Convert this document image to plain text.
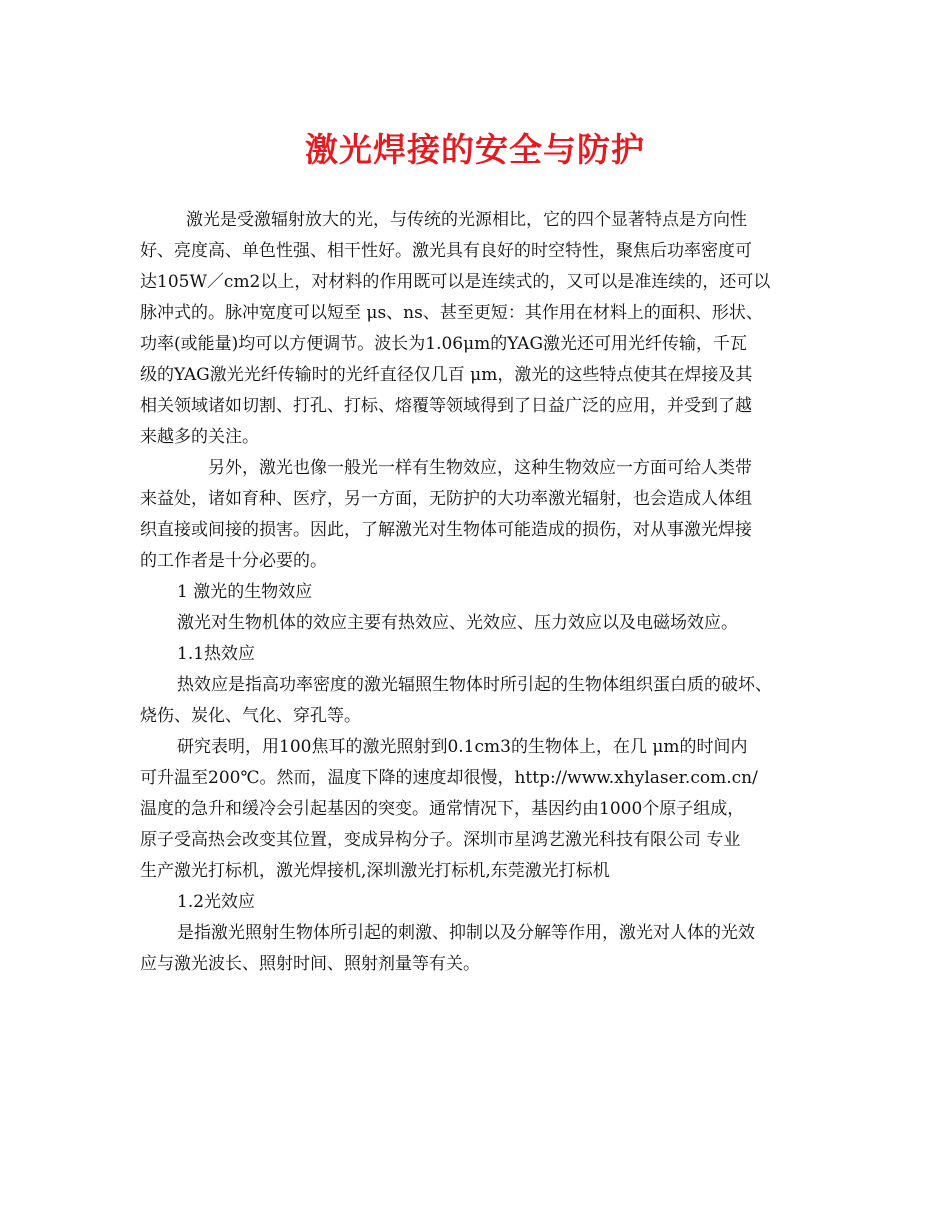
激光焊接的安全与防护

激光是受激辐射放大的光，与传统的光源相比，它的四个显著特点是方向性

好、亮度高、单色性强、相干性好。激光具有良好的时空特性，聚焦后功率密度可

达105W／cm2以上，对材料的作用既可以是连续式的，又可以是准连续的，还可以

脉冲式的。脉冲宽度可以短至 μs、ns、甚至更短：其作用在材料上的面积、形状、

功率(或能量)均可以方便调节。波长为1.06μm的YAG激光还可用光纤传输，千瓦

级的YAG激光光纤传输时的光纤直径仅几百 μm，激光的这些特点使其在焊接及其

相关领域诸如切割、打孔、打标、熔覆等领域得到了日益广泛的应用，并受到了越

来越多的关注。

另外，激光也像一般光一样有生物效应，这种生物效应一方面可给人类带

来益处，诸如育种、医疗，另一方面，无防护的大功率激光辐射，也会造成人体组

织直接或间接的损害。因此，了解激光对生物体可能造成的损伤，对从事激光焊接

的工作者是十分必要的。

1 激光的生物效应

激光对生物机体的效应主要有热效应、光效应、压力效应以及电磁场效应。

1.1热效应

热效应是指高功率密度的激光辐照生物体时所引起的生物体组织蛋白质的破坏、

烧伤、炭化、气化、穿孔等。

研究表明，用100焦耳的激光照射到0.1cm3的生物体上，在几 μm的时间内

可升温至200℃。然而，温度下降的速度却很慢，http://www.xhylaser.com.cn/

温度的急升和缓冷会引起基因的突变。通常情况下，基因约由1000个原子组成，

原子受高热会改变其位置，变成异构分子。深圳市星鸿艺激光科技有限公司 专业

生产激光打标机，激光焊接机,深圳激光打标机,东莞激光打标机

1.2光效应

是指激光照射生物体所引起的刺激、抑制以及分解等作用，激光对人体的光效

应与激光波长、照射时间、照射剂量等有关。
